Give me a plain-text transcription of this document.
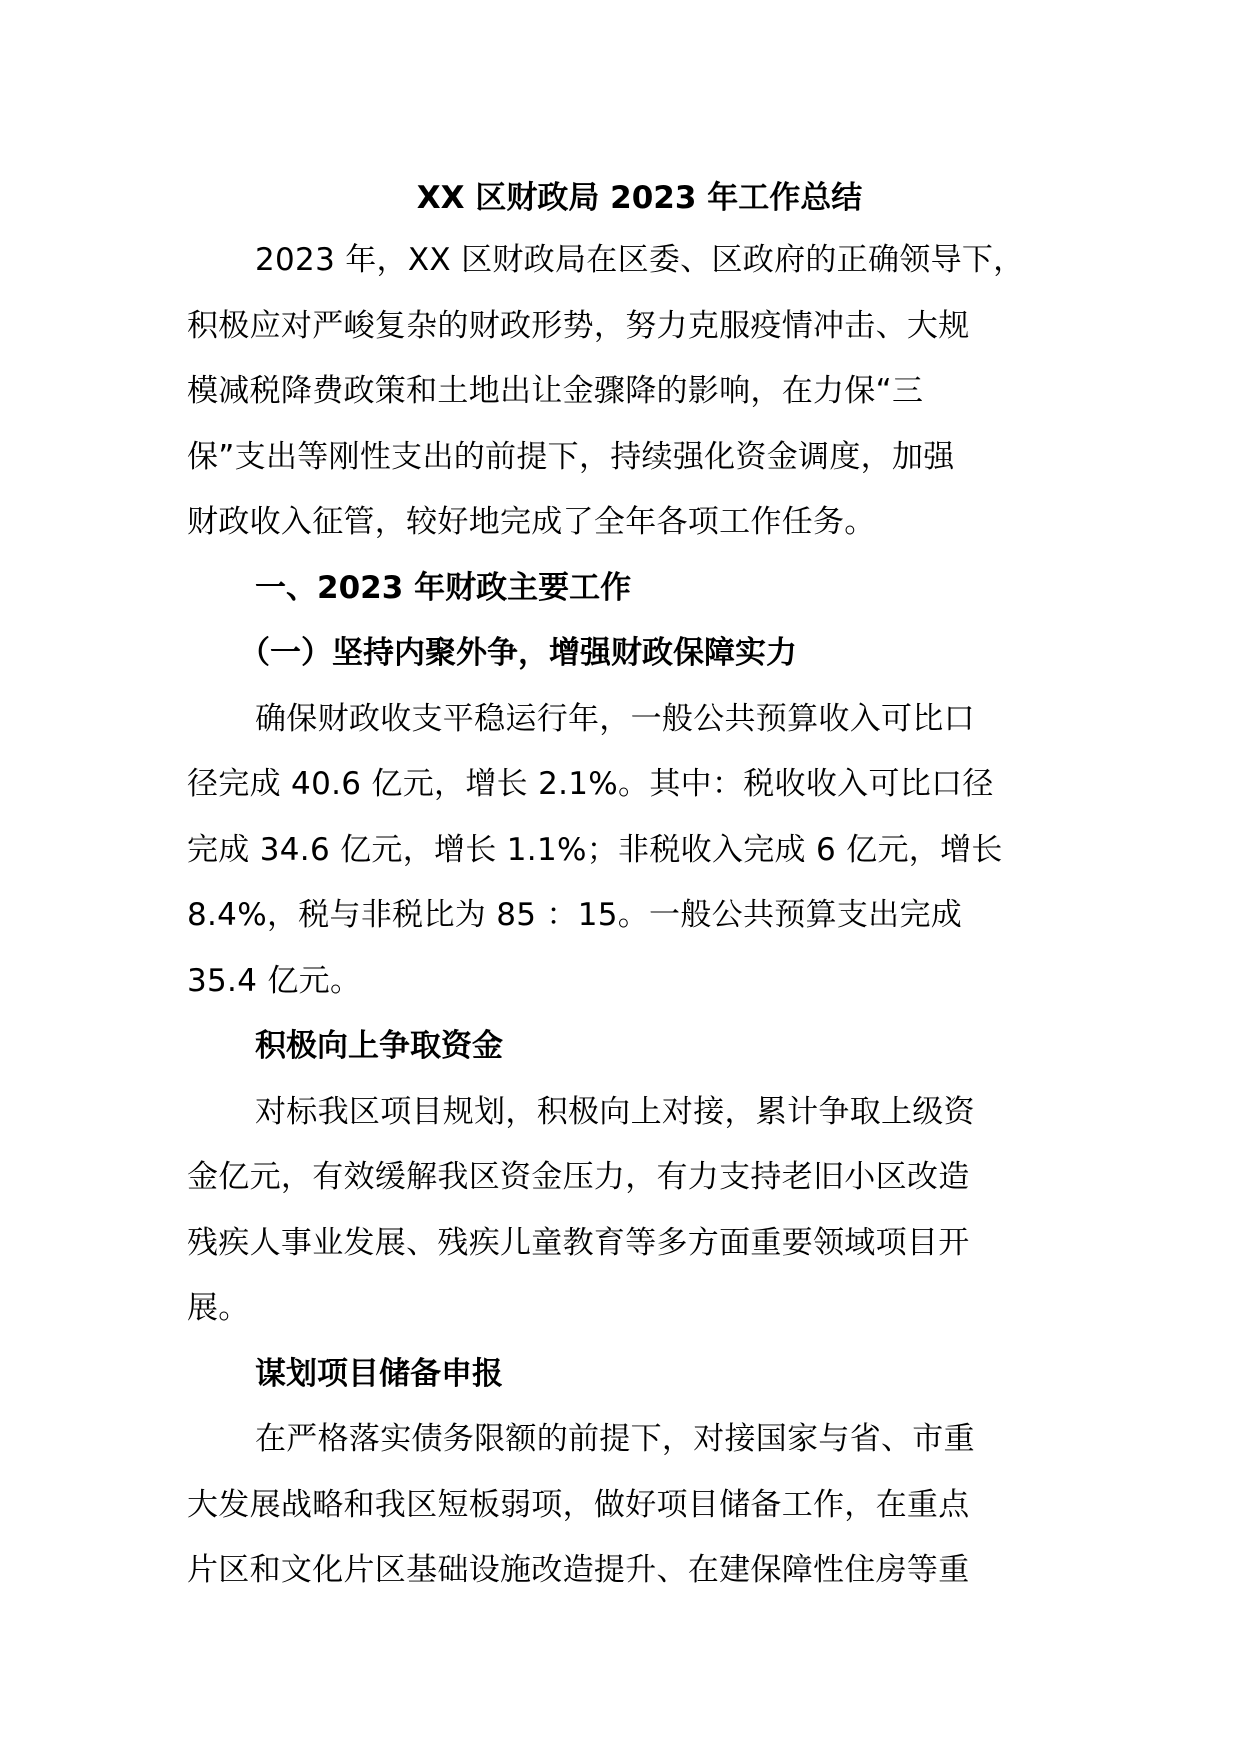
XX 区财政局 2023 年工作总结

2023 年，XX 区财政局在区委、区政府的正确领导下，
积极应对严峻复杂的财政形势，努力克服疫情冲击、大规
模减税降费政策和土地出让金骤降的影响，在力保“三
保”支出等刚性支出的前提下，持续强化资金调度，加强
财政收入征管，较好地完成了全年各项工作任务。

一、2023 年财政主要工作
（一）坚持内聚外争，增强财政保障实力

确保财政收支平稳运行年，一般公共预算收入可比口
径完成 40.6 亿元，增长 2.1%。其中：税收收入可比口径
完成 34.6 亿元，增长 1.1%；非税收入完成 6 亿元，增长
8.4%，税与非税比为 85 ：15。一般公共预算支出完成
35.4 亿元。

积极向上争取资金

对标我区项目规划，积极向上对接，累计争取上级资
金亿元，有效缓解我区资金压力，有力支持老旧小区改造
残疾人事业发展、残疾儿童教育等多方面重要领域项目开
展。

谋划项目储备申报

在严格落实债务限额的前提下，对接国家与省、市重
大发展战略和我区短板弱项，做好项目储备工作，在重点
片区和文化片区基础设施改造提升、在建保障性住房等重
